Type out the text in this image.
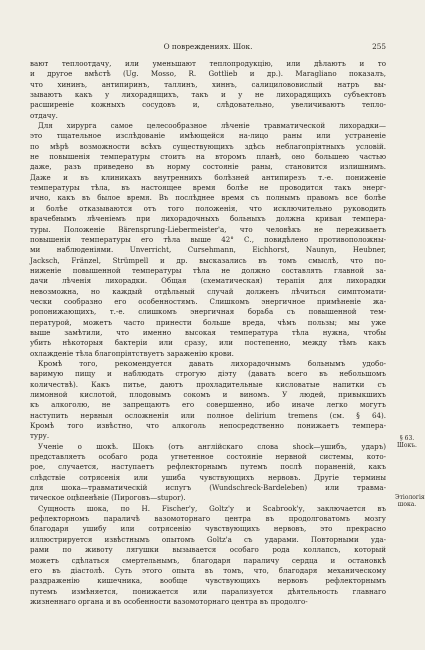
О повреждениях. Шок.	255
вают теплоотдачу, или уменьшают теплопродукцію, или дѣлаютъ и то
и другое вмѣстѣ (Ug. Mosso, R. Gottlieb и др.). Maragliano показалъ,
что хининъ, антипиринъ, таллинъ, хиннъ, салицилововислый натръ вы-
зываютъ какъ у лихорадящихъ, такъ и у не лихорадящихъ субъектовъ
расширеніе кожныхъ сосудовъ и, слѣдовательно, увеличиваютъ тепло-
отдачу.
Для хирурга самое целесообразное лѣченіе травматической лихорадки—
это тщательное изслѣдованіе имѣющейся на-лицо раны или устраненіе
по мѣрѣ возможности всѣхъ существующихъ здѣсь неблагопріятныхъ условій.
не повышенія температуры стоитъ на второмъ планѣ, оно большею частью
даже, разъ приведено въ норму состояніе раны, становится излишнимъ.
Даже и въ клиникахъ внутреннихъ болѣзней антипирезъ т.-е. пониженіе
температуры тѣла, въ настоящее время болѣе не проводится такъ энерг-
ично, какъ въ былое время. Въ послѣднее время съ полнымъ правомъ все болѣе
и болѣе отказываются отъ того положенія, что исключительно руководить
врачебнымъ лѣченіемъ при лихорадочныхъ больныхъ должна кривая темпера-
туры. Положеніе Bärensprung-Liebermeister'а, что человѣкъ не переживаетъ
повышенія температуры его тѣла выше 42° С., повидѣлено противоположны-
ми наблюденіями. Unverricht, Cursehmann, Eichhorst, Naunyn, Heubner,
Jacksch, Fränzel, Strümpell и др. высказались въ томъ смыслѣ, что по-
ниженіе повышенной температуры тѣла не должно составлять главной за-
дачи лѣченія лихорадки. Общая (схематическая) терапія для лихорадки
невозможна, но каждый отдѣльный случай долженъ лѣчиться симптомати-
чески сообразно его особенностямъ. Слишкомъ энергичное примѣненіе жа-
ропонижающихъ, т.-е. слишкомъ энергичная борьба съ повышенной тем-
пературой, можетъ часто принести больше вреда, чѣмъ пользы; мы уже
выше замѣтили, что именно высокая температура тѣла нужна, чтобы
убить нѣкоторыя бактеріи или сразу, или постепенно, между тѣмъ какъ
охлажденіе тѣла благопріятствуетъ зараженію крови.
Кромѣ того, рекомендуется давать лихорадочнымъ больнымъ удобо-
варимую пищу и наблюдать строгую діэту (давать всего въ небольшомъ
количествѣ). Какъ питье, даютъ прохладительные кисловатые напитки съ
лимонной кислотой, плодовымъ сокомъ и виномъ. У людей, привыкшихъ
къ алкоголю, не запрещаютъ его совершенно, ибо иначе легко могутъ
наступить нервныя осложненія или полное delirium tremens (см. § 64).
Кромѣ того извѣстно, что алкоголь непосредственно понижаетъ темпера-
туру.
Ученіе о шокѣ. Шокъ (отъ англійскаго слова shock—ушибъ, ударъ)
представляетъ особаго рода угнетенное состояніе нервной системы, кото-
рое, случается, наступаетъ рефлекторнымъ путемъ послѣ пораненій, какъ
слѣдствіе сотрясенія или ушиба чувствующихъ нервовъ. Другіе термины
для шока—травматическій испугъ (Wundschreck-Bardeleben) или травма-
тическое оцѣпенѣніе (Пироговъ—stupor).
Сущность шока, по H. Fischer'у, Goltz'у и Scabrook'у, заключается въ
рефлекторномъ параличѣ вазомоторнаго центра въ продолговатомъ мозгу
благодаря ушибу или сотрясенію чувствующихъ нервовъ, это прекрасно
иллюстрируется извѣстнымъ опытомъ Goltz'а съ ударами. Повторными уда-
рами по животу лягушки вызывается особаго рода коллапсъ, который
можетъ сдѣлаться смертельнымъ, благодаря параличу сердца и остановкѣ
его въ діастолѣ. Суть этого опыта въ томъ, что, благодаря механическому
раздраженію кишечника, вообще чувствующихъ нервовъ рефлекторнымъ
путемъ измѣняется, понижается или парализуется дѣятельность главнаго
жизненнаго органа и въ особенности вазомоторнаго центра въ продолго-
§ 63.
Шокъ.
Этіологія
шока.
